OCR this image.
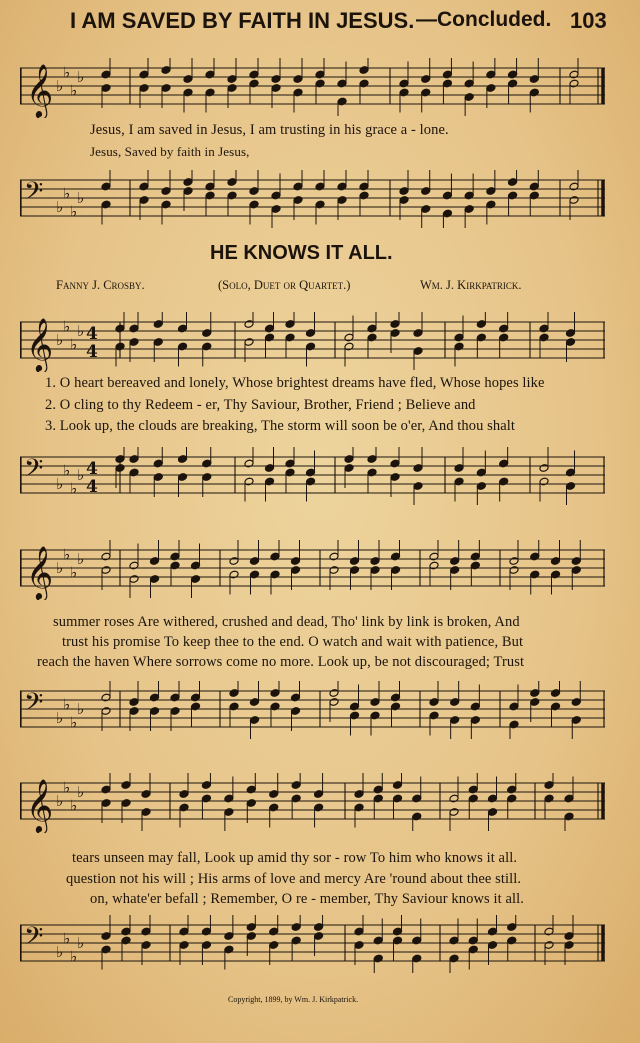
I AM SAVED BY FAITH IN JESUS. —Concluded. 103
𝄞 ♭
♭
♭
♭
Jesus, I am saved in Jesus, I am trusting in his grace a - lone.
Jesus, Saved by faith in Jesus,
𝄢 ♭
♭
♭
♭
HE KNOWS IT ALL.
Fanny J. Crosby.	(Solo, Duet or Quartet.)	Wm. J. Kirkpatrick.
𝄞 ♭
♭
♭
♭ 4
4
1. O heart bereaved and lonely, Whose brightest dreams have fled, Whose hopes like
2. O cling to thy Redeem - er, Thy Saviour, Brother, Friend ; Believe and
3. Look up, the clouds are breaking, The storm will soon be o'er, And thou shalt
𝄢 ♭
♭
♭
♭ 4
4
𝄞 ♭
♭
♭
♭
summer roses Are withered, crushed and dead, Tho' link by link is broken, And
trust his promise To keep thee to the end. O watch and wait with patience, But
reach the haven Where sorrows come no more. Look up, be not discouraged; Trust
𝄢 ♭
♭
♭
♭
𝄞 ♭
♭
♭
♭
tears unseen may fall, Look up amid thy sor - row To him who knows it all.
question not his will ; His arms of love and mercy Are 'round about thee still.
on, whate'er befall ; Remember, O re - member, Thy Saviour knows it all.
𝄢 ♭
♭
♭
♭
Copyright, 1899, by Wm. J. Kirkpatrick.
